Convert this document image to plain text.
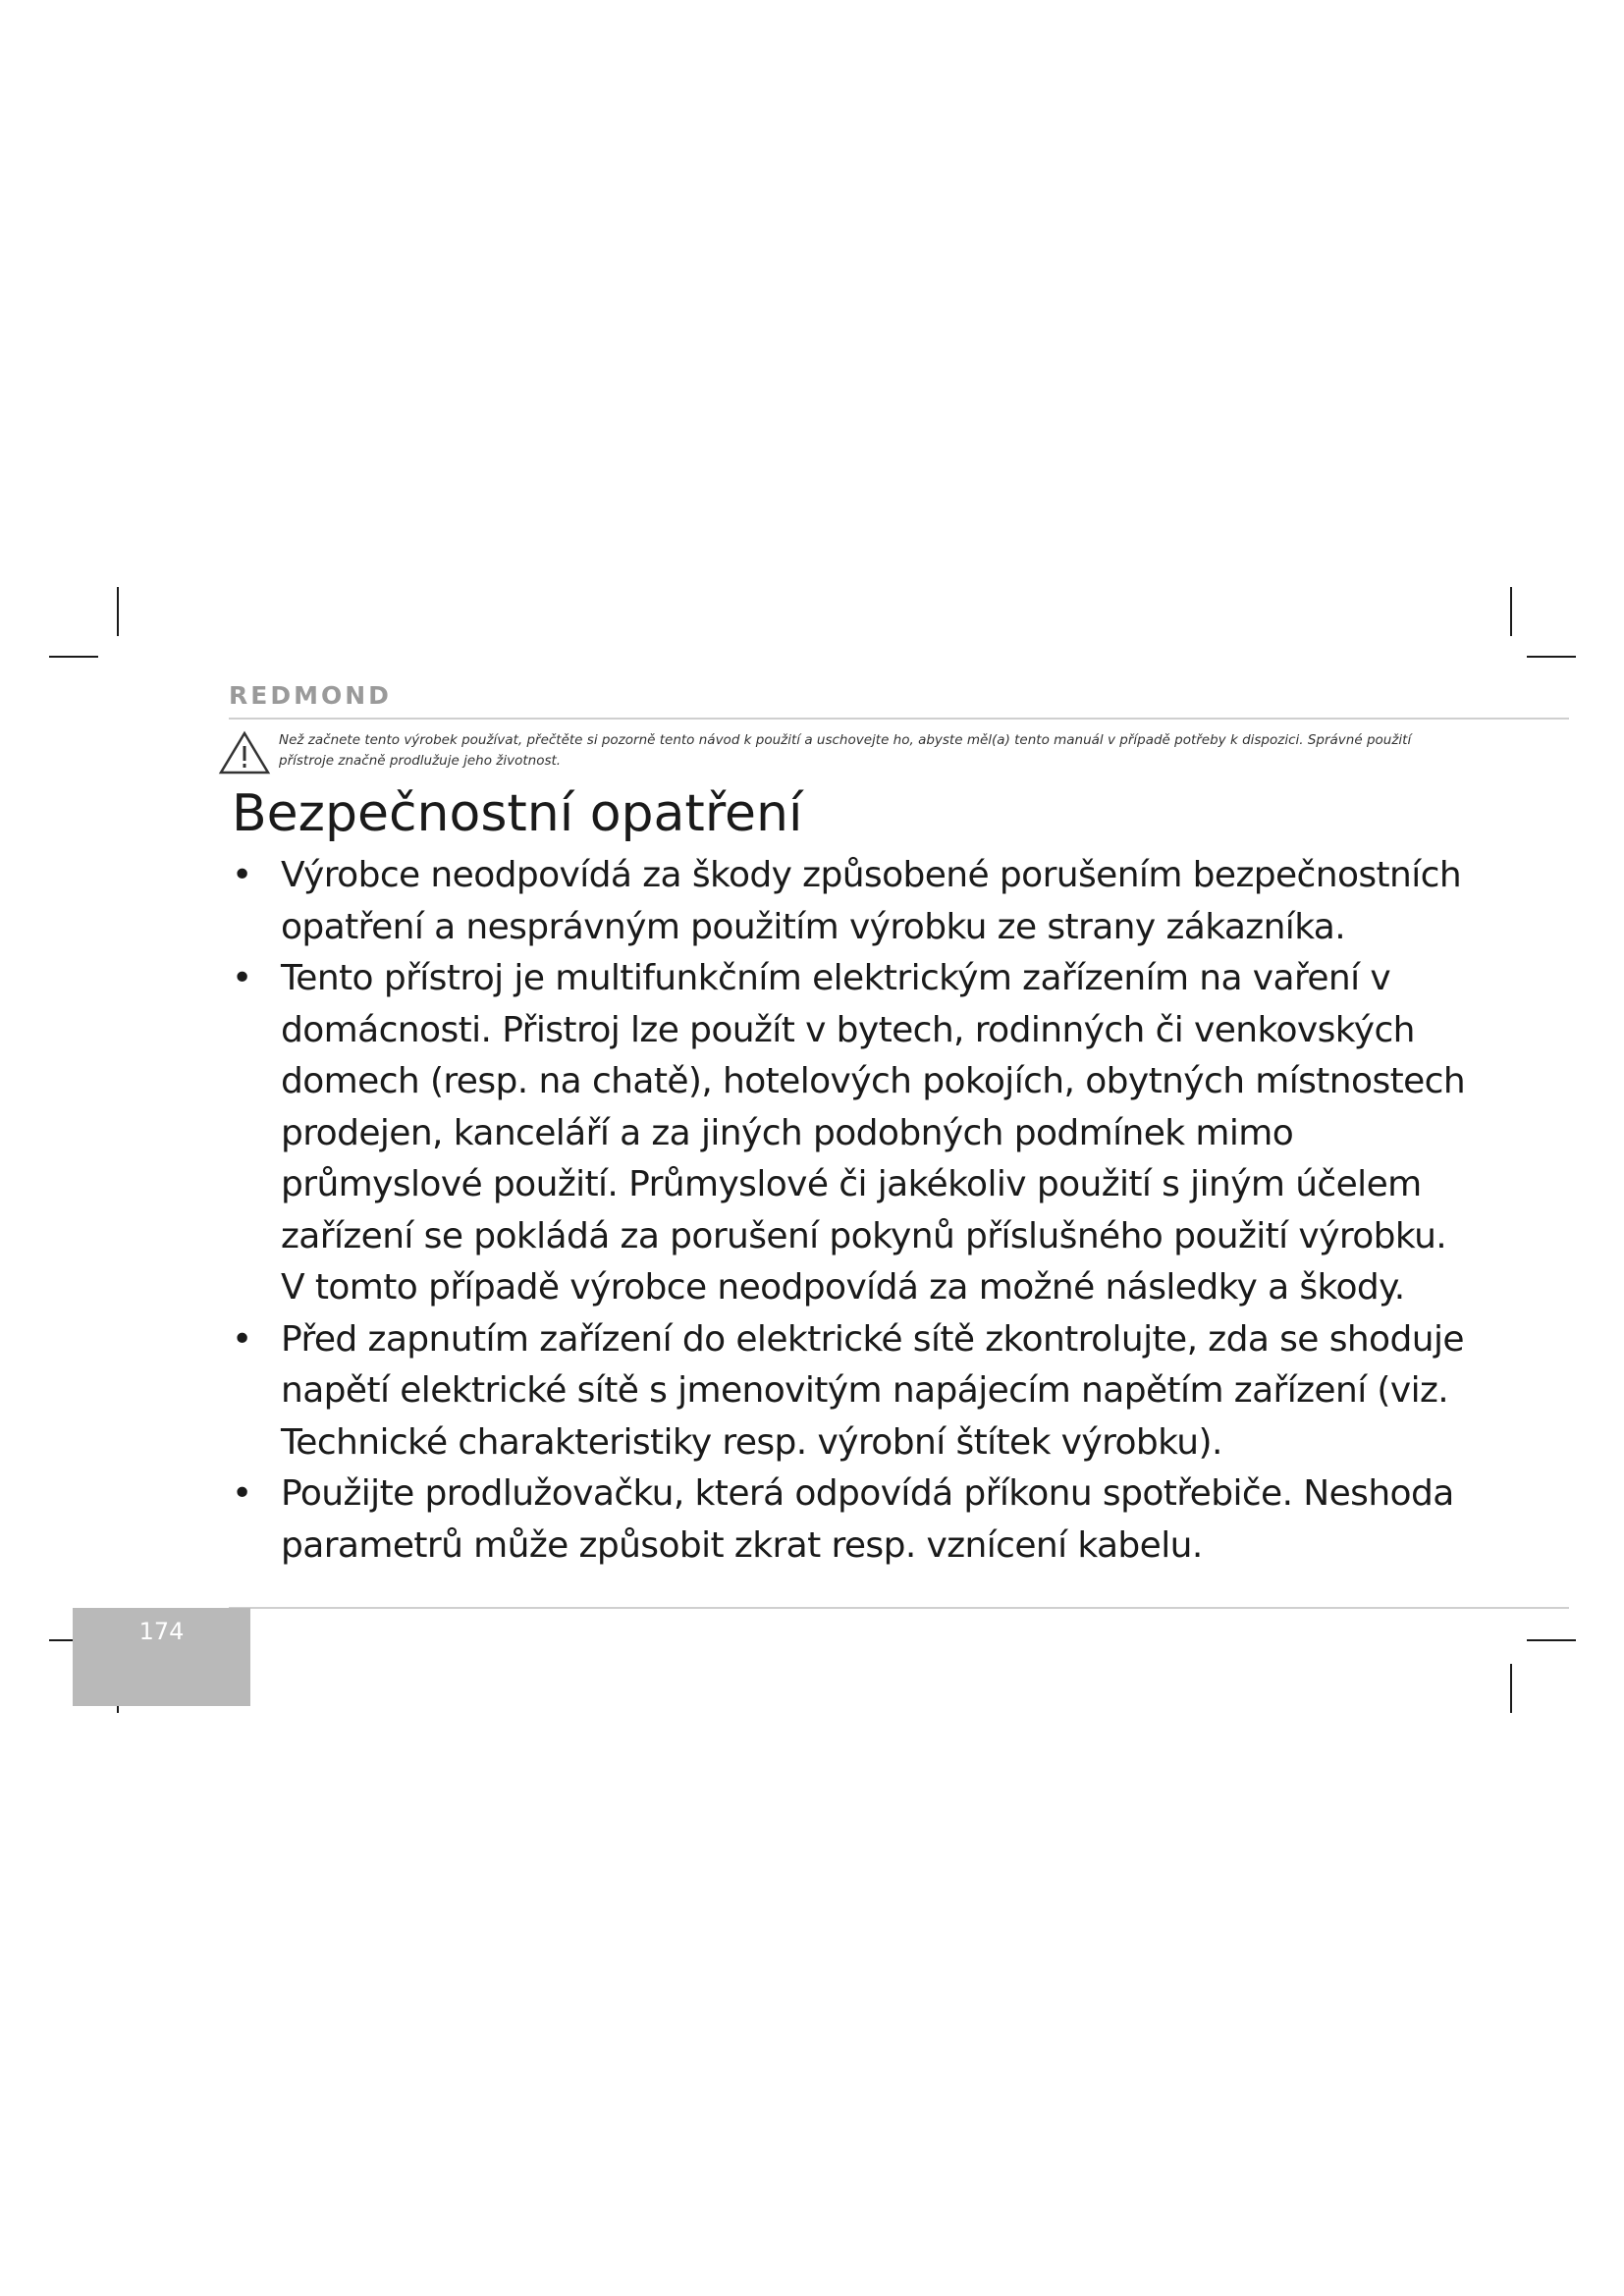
REDMOND
Než začnete tento výrobek používat, přečtěte si pozorně tento návod k použití a uschovejte ho, abyste měl(a) tento manuál v případě potřeby k dispozici. Správné použití
přístroje značně prodlužuje jeho životnost.
Bezpečnostní opatření
• Výrobce neodpovídá za škody způsobené porušením bezpečnostních opatření a nesprávným použitím výrobku ze strany zákazníka.
• Tento přístroj je multifunkčním elektrickým zařízením na vaření v domácnosti. Přistroj lze použít v bytech, rodinných či venkovských domech (resp. na chatě), hotelových pokojích, obytných místnostech prodejen, kanceláří a za jiných podobných podmínek mimo průmyslové použití. Průmyslové či jakékoliv použití s jiným účelem zařízení se pokládá za porušení pokynů příslušného použití výrobku. V tomto případě výrobce neodpovídá za možné následky a škody.
• Před zapnutím zařízení do elektrické sítě zkontrolujte, zda se shoduje napětí elektrické sítě s jmenovitým napájecím napětím zařízení (viz. Technické charakteristiky resp. výrobní štítek výrobku).
• Použijte prodlužovačku, která odpovídá příkonu spotřebiče. Neshoda parametrů může způsobit zkrat resp. vznícení kabelu.
174
